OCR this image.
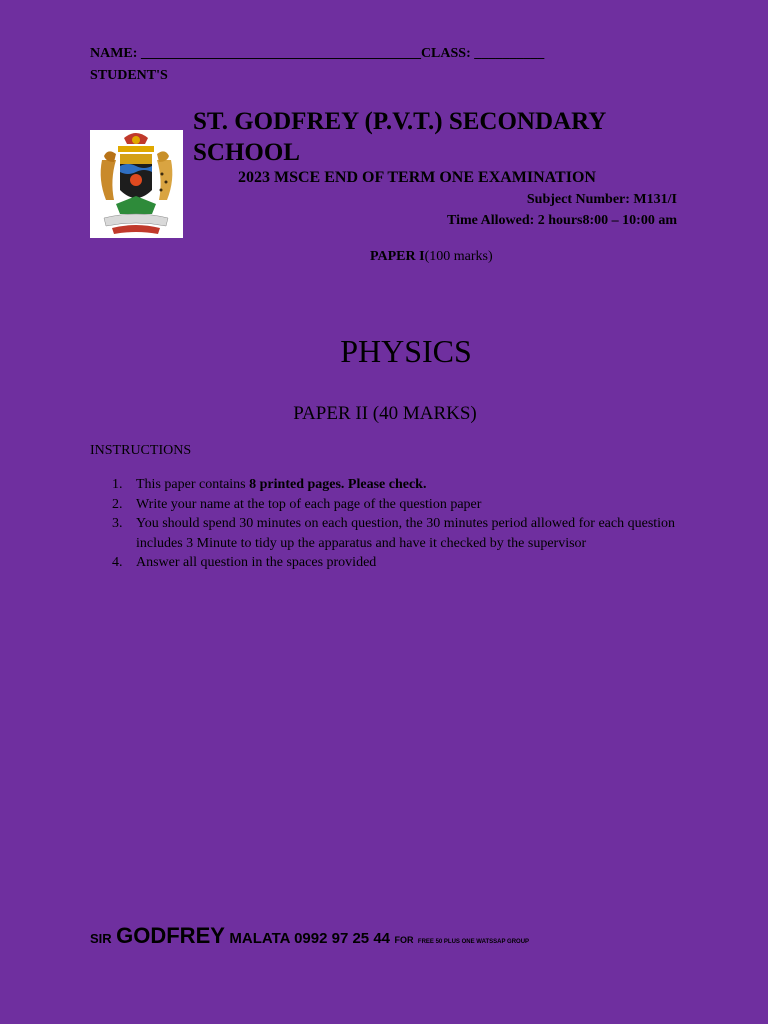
NAME: ________________________________________CLASS: __________
STUDENT'S
ST. GODFREY (P.V.T.) SECONDARY SCHOOL
2023 MSCE END OF TERM ONE EXAMINATION
Subject Number: M131/I
Time Allowed: 2 hours8:00 – 10:00 am
PAPER I(100 marks)
PHYSICS
PAPER II (40 MARKS)
INSTRUCTIONS
1. This paper contains 8 printed pages. Please check.
2. Write your name at the top of each page of the question paper
3. You should spend 30 minutes on each question, the 30 minutes period allowed for each question includes 3 Minute to tidy up the apparatus and have it checked by the supervisor
4. Answer all question in the spaces provided
SIR GODFREY MALATA 0992 97 25 44 FOR FREE 50 PLUS ONE WATSSAP GROUP
